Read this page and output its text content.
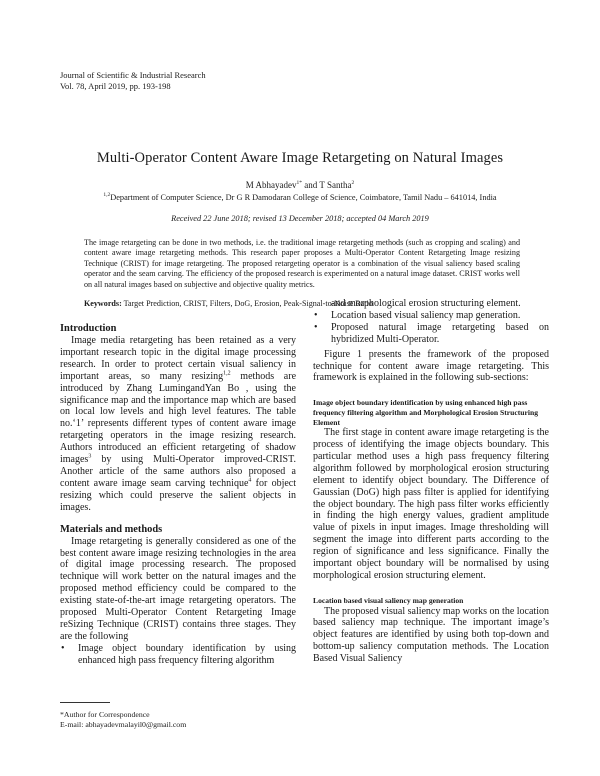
Journal of Scientific & Industrial Research
Vol. 78, April 2019, pp. 193-198
Multi-Operator Content Aware Image Retargeting on Natural Images
M Abhayadev$^{1*}$ and T Santha$^2$
$^{1,2}$Department of Computer Science, Dr G R Damodaran College of Science, Coimbatore, Tamil Nadu – 641014, India
Received 22 June 2018; revised 13 December 2018; accepted 04 March 2019
The image retargeting can be done in two methods, i.e. the traditional image retargeting methods (such as cropping and scaling) and content aware image retargeting methods. This research paper proposes a Multi-Operator Content Retargeting Image resizing Technique (CRIST) for image retargeting. The proposed retargeting operator is a combination of the visual saliency based scaling operator and the seam carving. The efficiency of the proposed research is experimented on a natural image dataset. CRIST works well on all natural images based on subjective and objective quality metrics.
Keywords: Target Prediction, CRIST, Filters, DoG, Erosion, Peak-Signal-to-Noise Ratio
Introduction

Image media retargeting has been retained as a very important research topic in the digital image processing research. In order to protect certain visual saliency in important areas, so many resizing$^{1,2}$ methods are introduced by Zhang LumingandYan Bo , using the significance map and the importance map which are based on local low levels and high level features. The table no.‘1’ represents different types of content aware image retargeting operators in the image resizing research. Authors introduced an efficient retargeting of shadow images$^3$ by using Multi-Operator improved-CRIST. Another article of the same authors also proposed a content aware image seam carving technique$^4$ for object resizing which could preserve the salient objects in images.

Materials and methods

Image retargeting is generally considered as one of the best content aware image resizing technologies in the area of digital image processing research. The proposed technique will work better on the natural images and the proposed method efficiency could be compared to the existing state-of-the-art image retargeting operators. The proposed Multi-Operator Content Retargeting Image reSizing Technique (CRIST) contains three stages. They are the following

• Image object boundary identification by using enhanced high pass frequency filtering algorithm
and morphological erosion structuring element.
• Location based visual saliency map generation.
• Proposed natural image retargeting based on hybridized Multi-Operator.

Figure 1 presents the framework of the proposed technique for content aware image retargeting. This framework is explained in the following sub-sections:

Image object boundary identification by using enhanced high pass frequency filtering algorithm and Morphological Erosion Structuring Element

The first stage in content aware image retargeting is the process of identifying the image objects boundary. This particular method uses a high pass frequency filtering algorithm followed by morphological erosion structuring element to identify object boundary. The Difference of Gaussian (DoG) high pass filter is applied for identifying the object boundary. The high pass filter works efficiently in finding the high energy values, gradient amplitude value of pixels in input images. Image thresholding will segment the image into different parts according to the region of significance and less significance. Finally the important object boundary will be normalised by using morphological erosion structuring element.

Location based visual saliency map generation

The proposed visual saliency map works on the location based saliency map technique. The important image’s object features are identified by using both top-down and bottom-up saliency computation methods. The Location Based Visual Saliency

*Author for Correspondence
E-mail: abhayadevmalayil0@gmail.com
